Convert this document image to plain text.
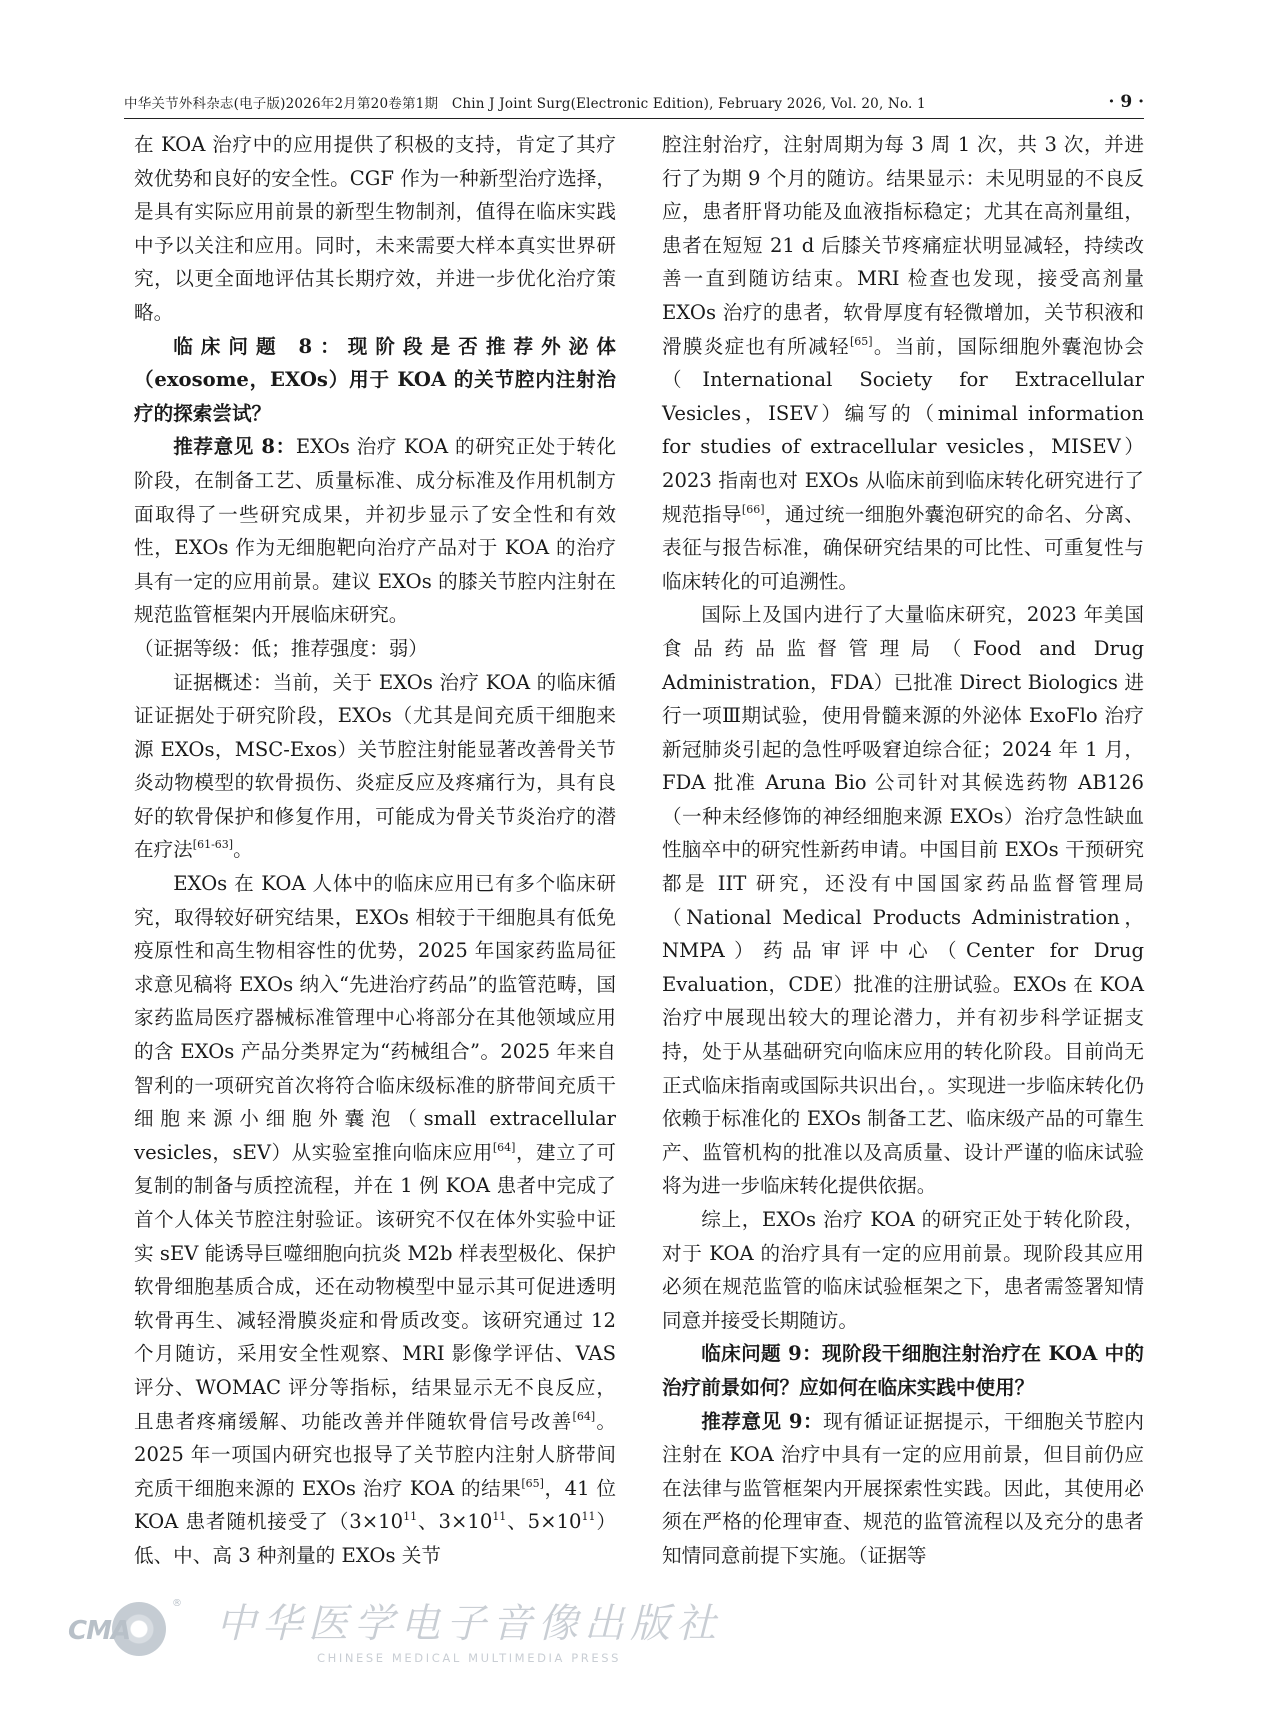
中华关节外科杂志(电子版)2026年2月第20卷第1期　Chin J Joint Surg(Electronic Edition), February 2026, Vol. 20, No. 1	· 9 ·

在 KOA 治疗中的应用提供了积极的支持，肯定了其疗效优势和良好的安全性。CGF 作为一种新型治疗选择，是具有实际应用前景的新型生物制剂，值得在临床实践中予以关注和应用。同时，未来需要大样本真实世界研究，以更全面地评估其长期疗效，并进一步优化治疗策略。

临床问题 8：现阶段是否推荐外泌体（exosome，EXOs）用于 KOA 的关节腔内注射治疗的探索尝试？

推荐意见 8：EXOs 治疗 KOA 的研究正处于转化阶段，在制备工艺、质量标准、成分标准及作用机制方面取得了一些研究成果，并初步显示了安全性和有效性，EXOs 作为无细胞靶向治疗产品对于 KOA 的治疗具有一定的应用前景。建议 EXOs 的膝关节腔内注射在规范监管框架内开展临床研究。

（证据等级：低；推荐强度：弱）

证据概述：当前，关于 EXOs 治疗 KOA 的临床循证证据处于研究阶段，EXOs（尤其是间充质干细胞来源 EXOs，MSC-Exos）关节腔注射能显著改善骨关节炎动物模型的软骨损伤、炎症反应及疼痛行为，具有良好的软骨保护和修复作用，可能成为骨关节炎治疗的潜在疗法[61-63]。

EXOs 在 KOA 人体中的临床应用已有多个临床研究，取得较好研究结果，EXOs 相较于干细胞具有低免疫原性和高生物相容性的优势，2025 年国家药监局征求意见稿将 EXOs 纳入“先进治疗药品”的监管范畴，国家药监局医疗器械标准管理中心将部分在其他领域应用的含 EXOs 产品分类界定为“药械组合”。2025 年来自智利的一项研究首次将符合临床级标准的脐带间充质干细胞来源小细胞外囊泡（small extracellular vesicles，sEV）从实验室推向临床应用[64]，建立了可复制的制备与质控流程，并在 1 例 KOA 患者中完成了首个人体关节腔注射验证。该研究不仅在体外实验中证实 sEV 能诱导巨噬细胞向抗炎 M2b 样表型极化、保护软骨细胞基质合成，还在动物模型中显示其可促进透明软骨再生、减轻滑膜炎症和骨质改变。该研究通过 12 个月随访，采用安全性观察、MRI 影像学评估、VAS 评分、WOMAC 评分等指标，结果显示无不良反应，且患者疼痛缓解、功能改善并伴随软骨信号改善[64]。2025 年一项国内研究也报导了关节腔内注射人脐带间充质干细胞来源的 EXOs 治疗 KOA 的结果[65]，41 位 KOA 患者随机接受了（$3\times 10^{11}$、$3\times 10^{11}$、$5\times 10^{11}$）低、中、高 3 种剂量的 EXOs 关节

腔注射治疗，注射周期为每 3 周 1 次，共 3 次，并进行了为期 9 个月的随访。结果显示：未见明显的不良反应，患者肝肾功能及血液指标稳定；尤其在高剂量组，患者在短短 21 d 后膝关节疼痛症状明显减轻，持续改善一直到随访结束。MRI 检查也发现，接受高剂量 EXOs 治疗的患者，软骨厚度有轻微增加，关节积液和滑膜炎症也有所减轻[65]。当前，国际细胞外囊泡协会（International Society for Extracellular Vesicles，ISEV）编写的（minimal information for studies of extracellular vesicles，MISEV）2023 指南也对 EXOs 从临床前到临床转化研究进行了规范指导[66]，通过统一细胞外囊泡研究的命名、分离、表征与报告标准，确保研究结果的可比性、可重复性与临床转化的可追溯性。

国际上及国内进行了大量临床研究，2023 年美国食品药品监督管理局（Food and Drug Administration，FDA）已批准 Direct Biologics 进行一项Ⅲ期试验，使用骨髓来源的外泌体 ExoFlo 治疗新冠肺炎引起的急性呼吸窘迫综合征；2024 年 1 月，FDA 批准 Aruna Bio 公司针对其候选药物 AB126（一种未经修饰的神经细胞来源 EXOs）治疗急性缺血性脑卒中的研究性新药申请。中国目前 EXOs 干预研究都是 IIT 研究，还没有中国国家药品监督管理局（National Medical Products Administration，NMPA）药品审评中心（Center for Drug Evaluation，CDE）批准的注册试验。EXOs 在 KOA 治疗中展现出较大的理论潜力，并有初步科学证据支持，处于从基础研究向临床应用的转化阶段。目前尚无正式临床指南或国际共识出台，。实现进一步临床转化仍依赖于标准化的 EXOs 制备工艺、临床级产品的可靠生产、监管机构的批准以及高质量、设计严谨的临床试验将为进一步临床转化提供依据。

综上，EXOs 治疗 KOA 的研究正处于转化阶段，对于 KOA 的治疗具有一定的应用前景。现阶段其应用必须在规范监管的临床试验框架之下，患者需签署知情同意并接受长期随访。

临床问题 9：现阶段干细胞注射治疗在 KOA 中的治疗前景如何？应如何在临床实践中使用？

推荐意见 9：现有循证证据提示，干细胞关节腔内注射在 KOA 治疗中具有一定的应用前景，但目前仍应在法律与监管框架内开展探索性实践。因此，其使用必须在严格的伦理审查、规范的监管流程以及充分的患者知情同意前提下实施。（证据等

CMA
® 中华医学电子音像出版社
CHINESE MEDICAL MULTIMEDIA PRESS
